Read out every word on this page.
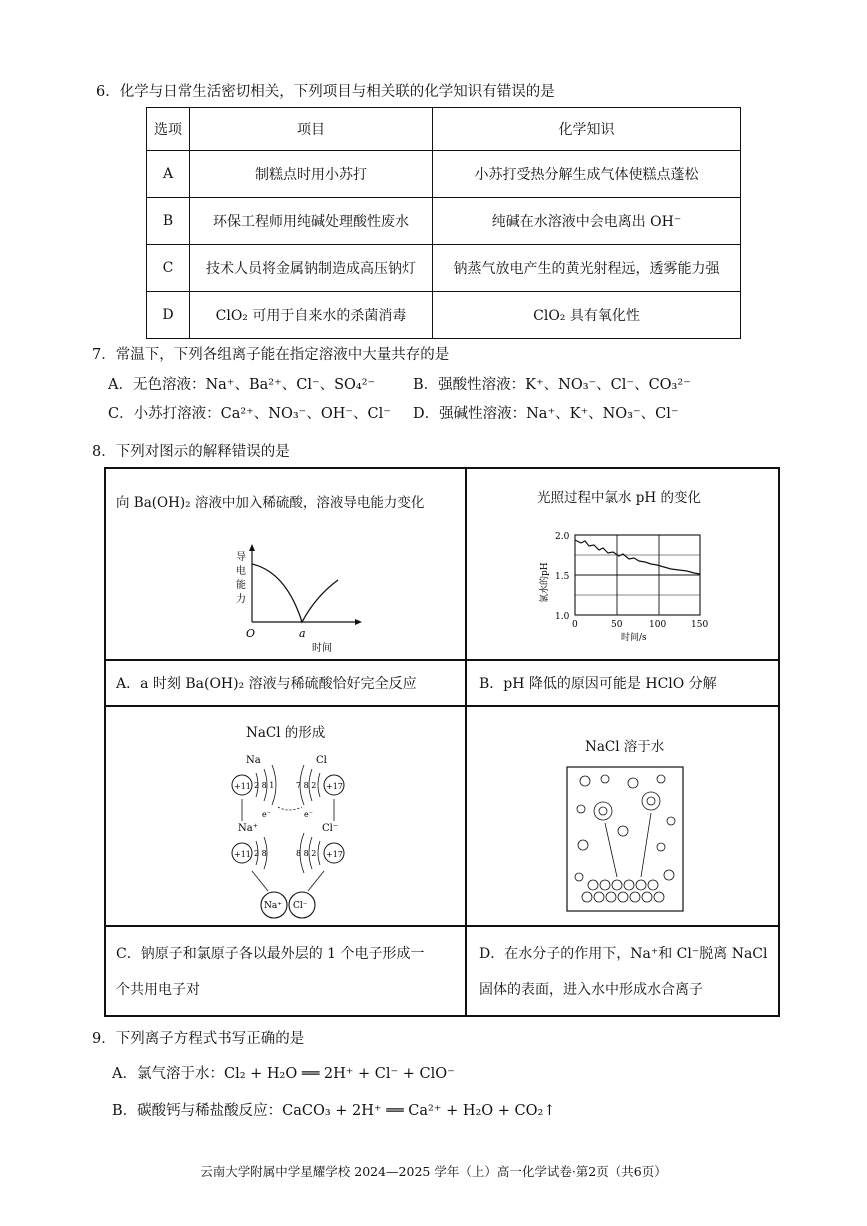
6．化学与日常生活密切相关，下列项目与相关联的化学知识有错误的是
选项	项目	化学知识
A	制糕点时用小苏打	小苏打受热分解生成气体使糕点蓬松
B	环保工程师用纯碱处理酸性废水	纯碱在水溶液中会电离出 OH⁻
C	技术人员将金属钠制造成高压钠灯	钠蒸气放电产生的黄光射程远，透雾能力强
D	ClO₂ 可用于自来水的杀菌消毒	ClO₂ 具有氧化性
7．常温下，下列各组离子能在指定溶液中大量共存的是
A．无色溶液：Na⁺、Ba²⁺、Cl⁻、SO₄²⁻	B．强酸性溶液：K⁺、NO₃⁻、Cl⁻、CO₃²⁻
C．小苏打溶液：Ca²⁺、NO₃⁻、OH⁻、Cl⁻ D．强碱性溶液：Na⁺、K⁺、NO₃⁻、Cl⁻
8．下列对图示的解释错误的是
向 Ba(OH)₂ 溶液中加入稀硫酸，溶液导电能力变化
O	a
时间
导
电
能
力
光照过程中氯水 pH 的变化
2.0
1.5
1.0
0	50	100	150
时间/s
氯水的pH
A．a 时刻 Ba(OH)₂ 溶液与稀硫酸恰好完全反应	B．pH 降低的原因可能是 HClO 分解
NaCl 的形成
Na	Cl
+11 2 8 1	+17
7 8 2
e⁻	e⁻
Na⁺	Cl⁻
+11 2 8	+17
8 8 2
Na⁺ Cl⁻
NaCl 溶于水
C．钠原子和氯原子各以最外层的 1 个电子形成一
个共用电子对
D．在水分子的作用下，Na⁺和 Cl⁻脱离 NaCl
固体的表面，进入水中形成水合离子
9．下列离子方程式书写正确的是
A．氯气溶于水：Cl₂ + H₂O ══ 2H⁺ + Cl⁻ + ClO⁻
B．碳酸钙与稀盐酸反应：CaCO₃ + 2H⁺ ══ Ca²⁺ + H₂O + CO₂↑
云南大学附属中学星耀学校 2024—2025 学年（上）高一化学试卷·第2页（共6页）
